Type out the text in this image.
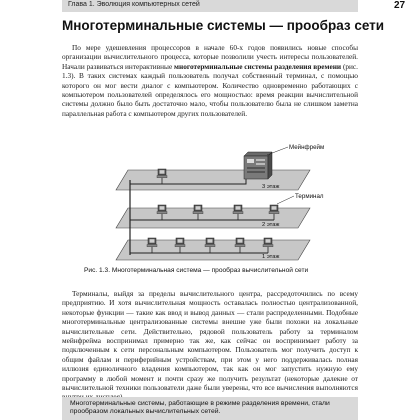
Глава 1. Эволюция компьютерных сетей	27
Многотерминальные системы — прообраз сети

По мере удешевления процессоров в начале 60-х годов появились новые способы организации вычислительного процесса, которые позволили учесть интересы пользователей. Начали развиваться интерактивные многотерминальные системы разделения времени (рис. 1.3). В таких системах каждый пользователь получал собственный терминал, с помощью которого он мог вести диалог с компьютером. Количество одновременно работающих с компьютером пользователей определялось его мощностью: время реакции вычислительной системы должно было быть достаточно мало, чтобы пользователю была не слишком заметна параллельная работа с компьютером других пользователей.

Мейнфрейм
Терминал
3 этаж
2 этаж
1 этаж
Рис. 1.3. Многотерминальная система — прообраз вычислительной сети

Терминалы, выйдя за пределы вычислительного центра, рассредоточились по всему предприятию. И хотя вычислительная мощность оставалась полностью централизованной, некоторые функции — такие как ввод и вывод данных — стали распределенными. Подобные многотерминальные централизованные системы внешне уже были похожи на локальные вычислительные сети. Действительно, рядовой пользователь работу за терминалом мейнфрейма воспринимал примерно так же, как сейчас он воспринимает работу за подключенным к сети персональным компьютером. Пользователь мог получить доступ к общим файлам и периферийным устройствам, при этом у него поддерживалась полная иллюзия единоличного владения компьютером, так как он мог запустить нужную ему программу в любой момент и почти сразу же получить результат (некоторые далекие от вычислительной техники пользователи даже были уверены, что все вычисления выполняются

Многотерминальные системы, работающие в режиме разделения времени, стали прообразом локальных вычислительных сетей.
